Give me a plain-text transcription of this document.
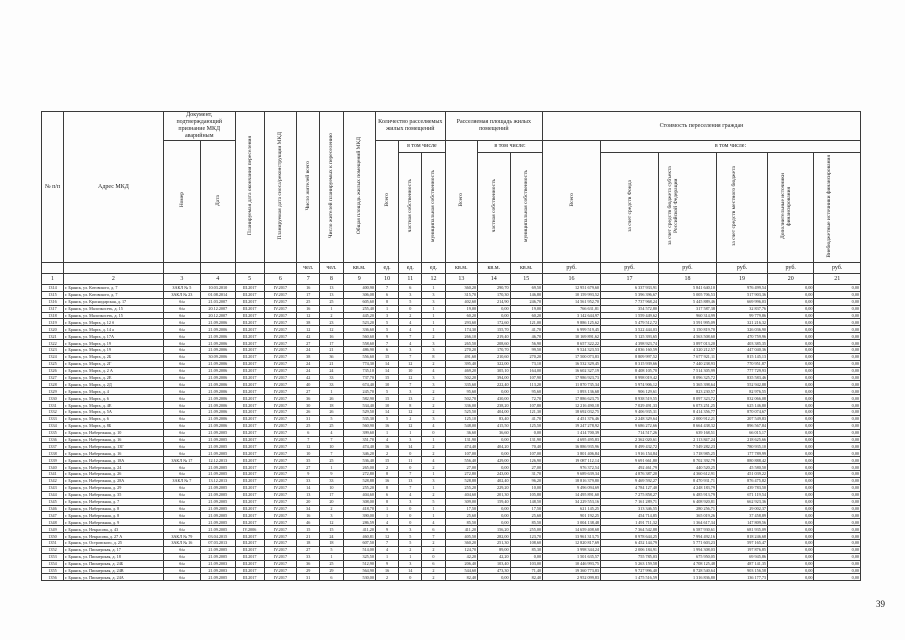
№ п/п	Адрес МКД	Документ, подтверждающий признание МКД аварийным		Планируемая дата окончания переселения	Планируемая дата сноса/реконструкции МКД	Число жителей всего	Число жителей планируемых к переселению	Общая площадь жилых помещений МКД	Количество расселяемых жилых помещений			Расселяемая площадь жилых помещений			Стоимость переселения граждан					
		Номер	Дата						Всего	в том числе		Всего	в том числе:		Всего	в том числе:				
										частная собственность	муниципальная собственность		частная собственность	муниципальная собственность		за счет средств Фонда	за счет средств бюджета субъекта Российской Федерации	за счет средств местного бюджета	Дополнительные источники финансирования	Внебюджетные источники финансирования
						чел.	чел.	кв.м.	ед.	ед.	ед.	кв.м.	кв.м.	кв.м.	руб.	руб.	руб.	руб.	руб.	руб.
1	2	3	4	5	6	7	8	9	10	11	12	13	14	15	16	17	18	19	20	21
1314	г. Брянск, ул. Котовского, д. 7	ЗАКЛ № 5	10.03.2010	III.2017	IV.2017	16	13	400,90	7	6	1	360,20	290,70	69,50	12 951 679,60	6 337 933,91	5 841 640,10	976 499,54	0,00	0,00
1315	г. Брянск, ул. Котовского, д. 7	ЗАКЛ № 23	01.08.2014	III.2017	IV.2017	17	13	306,08	6	3	3	315,70	170,30	146,80	10 159 993,52	5 396 396,67	5 005 706,53	517 903,36	0,00	0,00
1316	г. Брянск, ул. Краснодарская, д. 17	б/н	21.03.2007	III.2017	IV.2017	25	25	605,60	8	5	3	402,60	214,90	246,70	14 561 952,70	7 737 968,24	5 445 889,46	669 996,03	0,00	0,00
1317	г. Брянск, ул. Малоэкосеть, д. 15	б/н	20.12.2007	III.2017	IV.2017	16	1	255,40	1	0	1	19,00	0,00	19,00	766 631,81	354 572,80	317 587,38	32 837,76	0,00	0,00
1318	г. Брянск, ул. Малоэкосеть, д. 15	б/н	20.12.2007	III.2017	IV.2017	12	2	445,20	3	2	1	60,20	0,00	60,20	3 142 644,97	1 559 449,62	960 314,99	99 779,86	0,00	0,00
1319	г. Брянск, ул. Марта, д. 12 б	б/н	21.09.2006	III.2017	IV.2017	38	23	523,20	5	4	1	293,60	172,60	121,00	9 886 125,62	5 479 512,72	3 591 995,09	321 216,32	0,00	0,00
1320	г. Брянск, ул. Марта, д. 14 а	б/н	21.09.2006	III.2017	IV.2017	12	12	336,60	5	4	1	174,30	155,70	41,70	6 999 519,45	3 522 444,03	3 150 819,70	326 036,90	0,00	0,00
1321	г. Брянск, ул. Марта, д. 17А	б/н	21.09.2006	III.2017	IV.2017	42	16	560,60	9	7	2	266,10	219,40	46,70	10 169 891,62	5 125 393,65	4 563 508,60	470 759,96	0,00	0,00
1322	г. Брянск, ул. Марта, д. 19	б/н	21.09.2006	III.2017	IV.2017	27	17	558,60	7	4	3	265,50	208,60	56,90	8 657 322,22	4 398 923,74	3 897 013,20	403 385,35	0,00	0,00
1323	г. Брянск, ул. Марта, д. 19	б/н	21.09.2006	III.2017	IV.2017	24	21	486,90	6	3	3	270,20	170,70	99,50	9 524 323,53	4 836 160,59	4 320 212,57	447 040,36	0,00	0,00
1324	г. Брянск, ул. Марта, д. 2Б	б/н	30.09.2006	III.2017	IV.2017	38	36	556,60	15	7	8	491,60	210,60	270,20	17 500 073,83	8 809 997,52	7 677 921,11	815 145,13	0,00	0,00
1325	г. Брянск, ул. Марта, д. 2Г	б/н	21.09.2006	III.2017	IV.2017	24	21	774,30	14	12	2	395,40	322,00	73,10	16 532 329,45	8 315 939,66	7 440 238,93	770 951,87	0,00	0,00
1326	г. Брянск, ул. Марта, д. 2 А	б/н	21.09.2006	III.2017	IV.2017	24	24	735,10	14	10	4	469,20	305,10	164,00	16 602 327,19	8 408 105,70	7 514 305,99	777 729,93	0,00	0,00
1327	г. Брянск, ул. Марта, д. 2Е	б/н	21.09.2006	III.2017	IV.2017	42	33	737,70	15	12	3	502,20	394,00	107,90	17 986 923,73	8 998 019,42	8 096 325,72	835 583,46	0,00	0,00
1328	г. Брянск, ул. Марта, д. 2Д	б/н	21.09.2006	III.2017	IV.2017	40	33	674,40	10	7	3	335,60	222,40	113,20	11 870 735,34	5 974 906,12	5 365 398,64	552 942,88	0,00	0,00
1329	г. Брянск, ул. Марта, д. 4	б/н	21.09.2006	III.2017	IV.2017	27	1	245,70	5	3	2	95,60	0,00	95,60	1 893 136,68	906 129,61	823 230,57	82 976,55	0,00	0,00
1330	г. Брянск, ул. Марта, д. 6	б/н	21.09.2006	III.2017	IV.2017	36	26	582,90	15	13	2	502,70	430,00	72,70	17 886 623,75	8 938 519,55	8 097 323,72	832 066,08	0,00	0,00
1331	г. Брянск, ул. Марта, д. 4Е	б/н	21.09.2006	III.2017	IV.2017	30	18	534,40	10	8	2	336,00	238,20	107,80	12 216 490,18	7 029 491,33	6 073 251,25	625 146,80	0,00	0,00
1332	г. Брянск, ул. Марта, д. 5А	б/н	21.09.2006	III.2017	IV.2017	26	26	529,50	14	12	2	525,50	404,00	121,30	18 692 032,75	9 406 935,31	8 414 356,77	870 074,67	0,00	0,00
1333	г. Брянск, ул. Марта, д. 6	б/н	21.09.2006	III.2017	IV.2017	31	5	535,30	5	2	3	125,10	83,40	41,70	4 451 376,46	2 248 329,64	2 000 912,21	207 549,83	0,00	0,00
1334	г. Брянск, ул. Марта, д. 8Б	б/н	21.09.2006	III.2017	IV.2017	25	25	560,90	16	12	4	548,00	415,50	125,50	19 247 278,92	9 686 272,66	8 664 438,32	896 567,84	0,00	0,00
1335	г. Брянск, ул. Набережная, д. 10	б/н	21.09.2005	III.2017	IV.2017	6	4	399,60	1	1	0	36,60	36,60	0,00	1 414 700,39	714 517,26	639 168,51	66 015,17	0,00	0,00
1336	г. Брянск, ул. Набережная, д. 16	б/н	21.09.2005	III.2017	IV.2017	7	7	351,70	4	3	1	131,90	0,00	131,90	4 695 495,83	2 362 020,61	2 113 847,24	218 625,66	0,00	0,00
1337	г. Брянск, ул. Набережная, д. 13Г	б/н	21.09.2005	III.2017	IV.2017	12	10	474,40	16	14	2	474,40	404,20	70,40	16 886 935,96	8 499 432,72	7 549 282,23	780 935,10	0,00	0,00
1338	г. Брянск, ул. Набережная, д. 16	б/н	21.09.2005	III.2017	IV.2017	10	7	346,20	2	0	2	107,00	0,00	107,00	3 801 406,84	1 916 154,84	1 718 985,25	177 789,99	0,00	0,00
1339	г. Брянск, ул. Набережная, д. 18А	ЗАКЛ № 17	12.12.2013	III.2017	IV.2017	35	25	536,40	15	11	4	556,40	429,00	126,90	19 087 112,14	9 691 661,80	8 702 392,79	880 888,42	0,00	0,00
1340	г. Брянск, ул. Набережная, д. 24	б/н	21.09.2005	III.2017	IV.2017	27	1	265,00	2	0	2	27,00	0,00	27,00	976 372,54	492 461,79	440 520,25	45 580,50	0,00	0,00
1341	г. Брянск, ул. Набережная, д. 26	б/н	21.09.2005	III.2017	IV.2017	9	9	272,80	8	7	1	272,80	243,00	31,70	9 689 639,34	4 876 387,20	4 360 612,91	451 039,22	0,00	0,00
1342	г. Брянск, ул. Набережная, д. 28А	ЗАКЛ № 7	13.12.2013	III.2017	IV.2017	33	33	528,88	16	13	3	528,88	402,40	96,20	18 816 379,80	9 469 592,27	8 470 931,71	876 475,82	0,00	0,00
1343	г. Брянск, ул. Набережная, д. 29	б/н	21.09.2005	III.2017	IV.2017	14	10	255,20	8	7	1	255,20	229,20	10,00	9 496 094,69	4 784 127,40	4 248 183,79	439 783,50	0,00	0,00
1344	г. Брянск, ул. Набережная, д. 35	б/н	21.09.2005	III.2017	IV.2017	13	17	404,60	6	4	2	404,60	201,30	105,80	14 495 891,60	7 275 858,27	6 485 913,79	671 119,54	0,00	0,00
1345	г. Брянск, ул. Набережная, д. 7	б/н	21.09.2005	III.2017	IV.2017	20	20	308,00	8	3	5	309,00	159,40	148,50	34 229 553,16	7 161 289,71	6 408 920,81	662 923,36	0,00	0,00
1346	г. Брянск, ул. Набережная, д. 8	б/н	21.09.2005	III.2017	IV.2017	34	2	418,70	1	0	1	17,50	0,00	17,50	621 145,25	313 346,55	280 256,71	29 002,37	0,00	0,00
1347	г. Брянск, ул. Набережная, д. 8	б/н	21.09.2005	III.2017	IV.2017	16	3	390,00	1	0	1	25,60	0,00	25,60	901 192,25	454 714,85	365 019,26	37 458,89	0,00	0,00
1348	г. Брянск, ул. Набережная, д. 9	б/н	21.09.2005	III.2017	IV.2017	46	12	286,59	4	0	4	85,50	0,00	85,50	3 004 138,48	1 491 711,32	1 364 617,34	147 809,56	0,00	0,00
1349	г. Брянск, ул. Некрасова, д. 43	б/н	21.09.2005	IV.2006	IV.2017	15	15	411,20	9	3	6	411,20	156,20	255,00	14 659 408,68	7 364 542,88	6 587 930,61	681 935,09	0,00	0,00
1350	г. Брянск, ул. Некрасова, д. 27 А	ЗАКЛ № 79	03.04.2015	III.2017	IV.2017	21	24	460,81	12	5	7	405,50	282,00	123,70	13 961 313,75	8 978 644,25	7 994 492,16	818 246,68	0,00	0,00
1351	г. Брянск, ул. Островского, д. 25	ЗАКЛ № 16	07.03.2013	III.2017	IV.2017	18	18	607,50	7	5	2	360,20	251,30	108,60	12 820 817,69	6 452 144,79	5 771 603,23	597 165,47	0,00	0,00
1352	г. Брянск, ул. Пионерская, д. 17	б/н	21.09.2005	III.2017	IV.2017	27	5	514,00	4	2	2	124,70	89,00	85,30	3 998 344,24	2 006 184,91	1 994 308,03	197 876,85	0,00	0,00
1353	г. Брянск, ул. Пионерская, д. 18	б/н	21.09.2005	III.2017	IV.2017	33	1	325,50	1	1	0	42,20	42,20	0,00	1 501 635,57	755 785,03	675 950,05	69 945,86	0,00	0,00
1354	г. Брянск, ул. Пионерская, д. 24Б	б/н	21.09.2003	III.2017	IV.2017	36	25	512,90	9	3	6	206,40	103,40	103,00	10 446 993,75	5 263 159,58	4 708 125,48	487 141,35	0,00	0,00
1355	г. Брянск, ул. Пионерская, д. 24В	б/н	21.09.2003	III.2017	IV.2017	29	29	564,90	16	14	2	544,60	473,30	71,40	19 360 773,83	9 727 996,40	8 728 540,64	903 156,58	0,00	0,00
1356	г. Брянск, ул. Пионерская, д. 24А	б/н	21.09.2005	III.2017	IV.2017	31	6	530,00	2	0	2	82,40	0,00	82,40	2 952 099,83	1 475 516,59	1 316 836,80	136 177,73	0,00	0,00
39
